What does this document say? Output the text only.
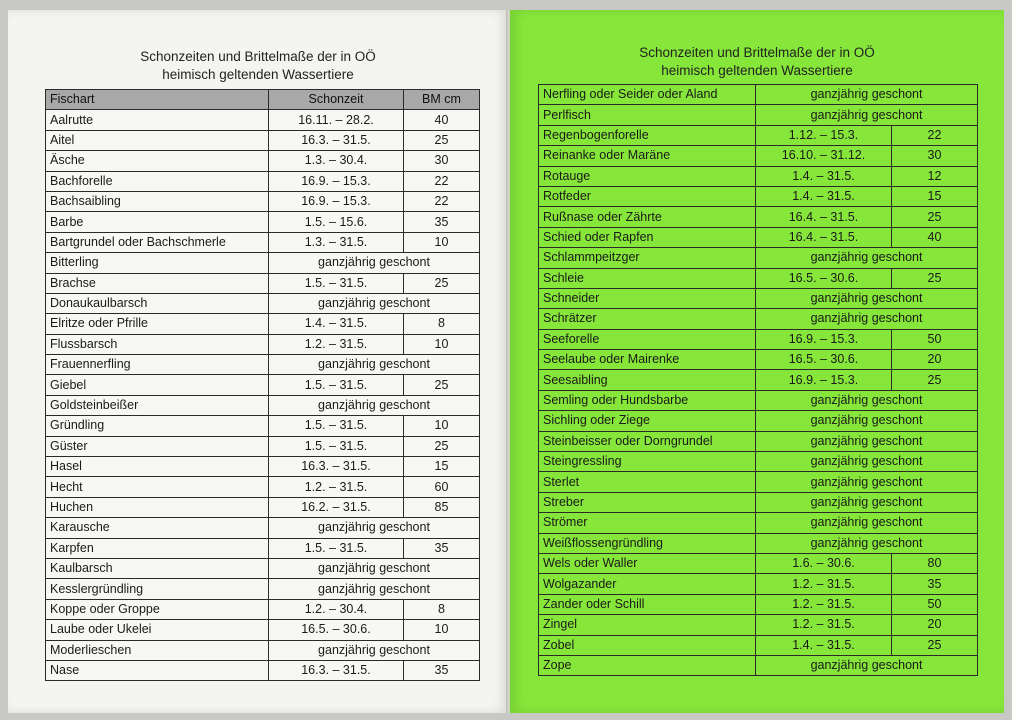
Schonzeiten und Brittelmaße der in OÖ
heimisch geltenden Wassertiere
Fischart	Schonzeit	BM cm
Aalrutte	16.11. – 28.2.	40
Aitel	16.3. – 31.5.	25
Äsche	1.3. – 30.4.	30
Bachforelle	16.9. – 15.3.	22
Bachsaibling	16.9. – 15.3.	22
Barbe	1.5. – 15.6.	35
Bartgrundel oder Bachschmerle	1.3. – 31.5.	10
Bitterling	ganzjährig geschont	
Brachse	1.5. – 31.5.	25
Donaukaulbarsch	ganzjährig geschont	
Elritze oder Pfrille	1.4. – 31.5.	8
Flussbarsch	1.2. – 31.5.	10
Frauennerfling	ganzjährig geschont	
Giebel	1.5. – 31.5.	25
Goldsteinbeißer	ganzjährig geschont	
Gründling	1.5. – 31.5.	10
Güster	1.5. – 31.5.	25
Hasel	16.3. – 31.5.	15
Hecht	1.2. – 31.5.	60
Huchen	16.2. – 31.5.	85
Karausche	ganzjährig geschont	
Karpfen	1.5. – 31.5.	35
Kaulbarsch	ganzjährig geschont	
Kesslergründling	ganzjährig geschont	
Koppe oder Groppe	1.2. – 30.4.	8
Laube oder Ukelei	16.5. – 30.6.	10
Moderlieschen	ganzjährig geschont	
Nase	16.3. – 31.5.	35
Schonzeiten und Brittelmaße der in OÖ
heimisch geltenden Wassertiere
Nerfling oder Seider oder Aland	ganzjährig geschont	
Perlfisch	ganzjährig geschont	
Regenbogenforelle	1.12. – 15.3.	22
Reinanke oder Maräne	16.10. – 31.12.	30
Rotauge	1.4. – 31.5.	12
Rotfeder	1.4. – 31.5.	15
Rußnase oder Zährte	16.4. – 31.5.	25
Schied oder Rapfen	16.4. – 31.5.	40
Schlammpeitzger	ganzjährig geschont	
Schleie	16.5. – 30.6.	25
Schneider	ganzjährig geschont	
Schrätzer	ganzjährig geschont	
Seeforelle	16.9. – 15.3.	50
Seelaube oder Mairenke	16.5. – 30.6.	20
Seesaibling	16.9. – 15.3.	25
Semling oder Hundsbarbe	ganzjährig geschont	
Sichling oder Ziege	ganzjährig geschont	
Steinbeisser oder Dorngrundel	ganzjährig geschont	
Steingressling	ganzjährig geschont	
Sterlet	ganzjährig geschont	
Streber	ganzjährig geschont	
Strömer	ganzjährig geschont	
Weißflossengründling	ganzjährig geschont	
Wels oder Waller	1.6. – 30.6.	80
Wolgazander	1.2. – 31.5.	35
Zander oder Schill	1.2. – 31.5.	50
Zingel	1.2. – 31.5.	20
Zobel	1.4. – 31.5.	25
Zope	ganzjährig geschont	
